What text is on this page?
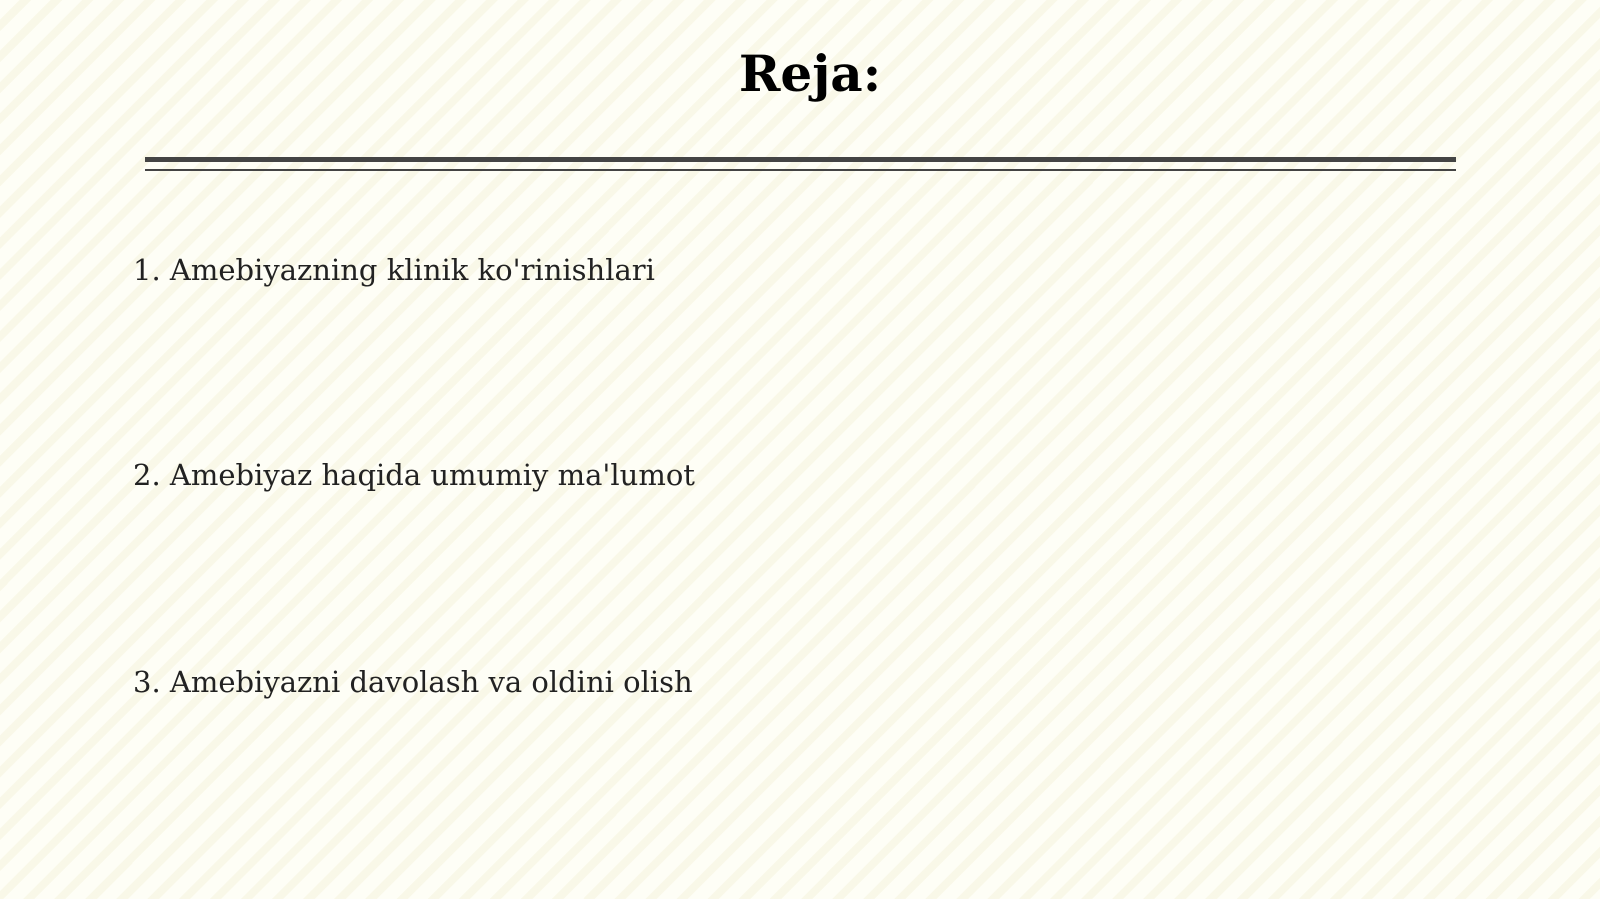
Reja:
1. Amebiyazning klinik ko'rinishlari
2. Amebiyaz haqida umumiy ma'lumot
3. Amebiyazni davolash va oldini olish
